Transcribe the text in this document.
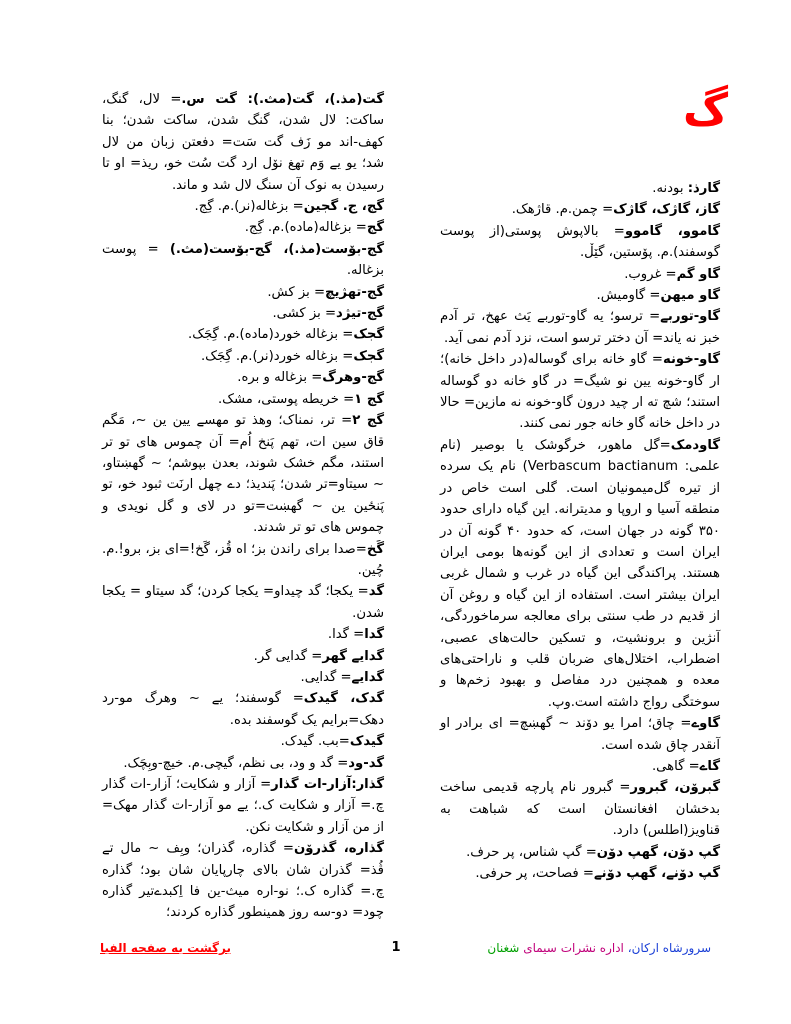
گ

گارذ: بودنه.

گاز، گاژک، گاژک= چمن.م. قاژهک.

گاموو، گاموو= بالاپوش پوستی(از پوست گوسفند).م. پۆستین، گێڵ.

گاو گم= غروب.

گاو میهن= گاومیش.

گاو-توربے= ترسو؛ یه گاو-توربے یَث عهخ، تر آدم خبز نه یاند= آن دختر ترسو است، نزد آدم نمی آید.

گاو-خونه= گاو خانه برای گوساله(در داخل خانه)؛ ار گاو-خونه یین نو شیگ= در گاو خانه دو گوساله استند؛ شچ ته ار چید درون گاو-خونه نه مازین= حالا در داخل خانه گاو خانه جور نمی کنند.

گاودمک=گل ماهور، خرگوشک یا بوصیر (نام علمی: Verbascum bactianum) نام یک سرده از تیره گل‌میمونیان است. گلی است خاص در منطقه آسیا و اروپا و مدیترانه. این گیاه دارای حدود ۳۵۰ گونه در جهان است، که حدود ۴۰ گونه آن در ایران است و تعدادی از این گونه‌ها بومی ایران هستند. پراکندگی این گیاه در غرب و شمال غربی ایران بیشتر است. استفاده از این گیاه و روغن آن از قدیم در طب سنتی برای معالجه سرماخوردگی، آنژین و برونشیت، و تسکین حالت‌های عصبی، اضطراب، اختلال‌های ضربان قلب و ناراحتی‌های معده و همچنین درد مفاصل و بهبود زخم‌ها و سوختگی رواج داشته است.وپ.

گاوے= چاق؛ امرا یو دۆند ~ گهښچ= ای برادر او آنقدر چاق شده است.

گاے= گاهی.

گبرۆن، گبرور= گبرور نام پارچه قدیمی ساخت بدخشان افغانستان است که شباهت به قناویز(اطلس) دارد.

گپ دۆن، گهپ دۆن= گپ شناس، پر حرف.

گپ دۆنے، گهپ دۆنے= فصاحت، پر حرفی.

گت(مذ.)، گت(مث.): گت س.= لال، گنگ، ساکت: لال شدن، گنگ شدن، ساکت شدن؛ بنا کهف-اند مو زَف گت سَت= دفعتن زبان من لال شد؛ یو یے وَم تهغ نۆل ارد گت سُت خو، ریذ= او تا رسیدن به نوک آن سنگ لال شد و ماند.

گج، ج. گجین= بزغاله(نر).م. گِج.

گج= بزغاله(ماده).م. گِج.

گج-بۆست(مذ.)، گج-بۆست(مث.) = پوست بزغاله.

گج-تهژیچ= بز کش.

گج-تیژد= بز کشی.

گجک= بزغاله خورد(ماده).م. گِجَک.

گجک= بزغاله خورد(نر).م. گِجَک.

گج-وهرگ= بزغاله و بره.

گج ۱= خریطه پوستی، مشک.

گج ۲= تر، نمناک؛ وهذ تو مهسے یین ین ~، مَگم قاق سین ات، تهم پَنخ اُم= آن چموس های تو تر استند، مگم خشک شوند، بعدن بپوشم؛ ~ گهښتاو، ~ سیتاو=تر شدن؛ پَندیذ؛ دے چهل ارنَت ثبود خو، تو پَنځین ین ~ گهښت=تو در لای و گل نویدی و چموس های تو تر شدند.

گَخ=صدا برای راندن بز؛ اه قُز، گَخ!=ای بز، برو!.م. چُین.

گد= یکجا؛ گد چیداو= یکجا کردن؛ گد سیتاو = یکجا شدن.

گدا= گدا.

گدایے گهر= گدایی گر.

گدایے= گدایی.

گدک، گیدک= گوسفند؛ یے ~ وهرگ مو-رد دهک=برایم یک گوسفند بده.

گیدک=بب. گیدک.

گد-ود= گد و ود، بی نظم، گیچی.م. خیچ-وبِچَک.

گذار:آزار-ات گذار= آزار و شکایت؛ آزار-ات گذار چ.= آزار و شکایت ک.؛ یے مو آزار-ات گذار مهک= از من آزار و شکایت نکن.

گذاره، گذرۆن= گذاره، گذران؛ وبِف ~ مال تے ڤُذ= گذران شان بالای چارپایان شان بود؛ گذاره چ.= گذاره ک.؛ نو-اره میث-ین فا اِکبدےتیر گذاره چود= دو-سه روز همینطور گذاره کردند؛

برگشت به صفحه الفبا	1	سرورشاه ارکان، اداره نشرات سیمای شغنان
